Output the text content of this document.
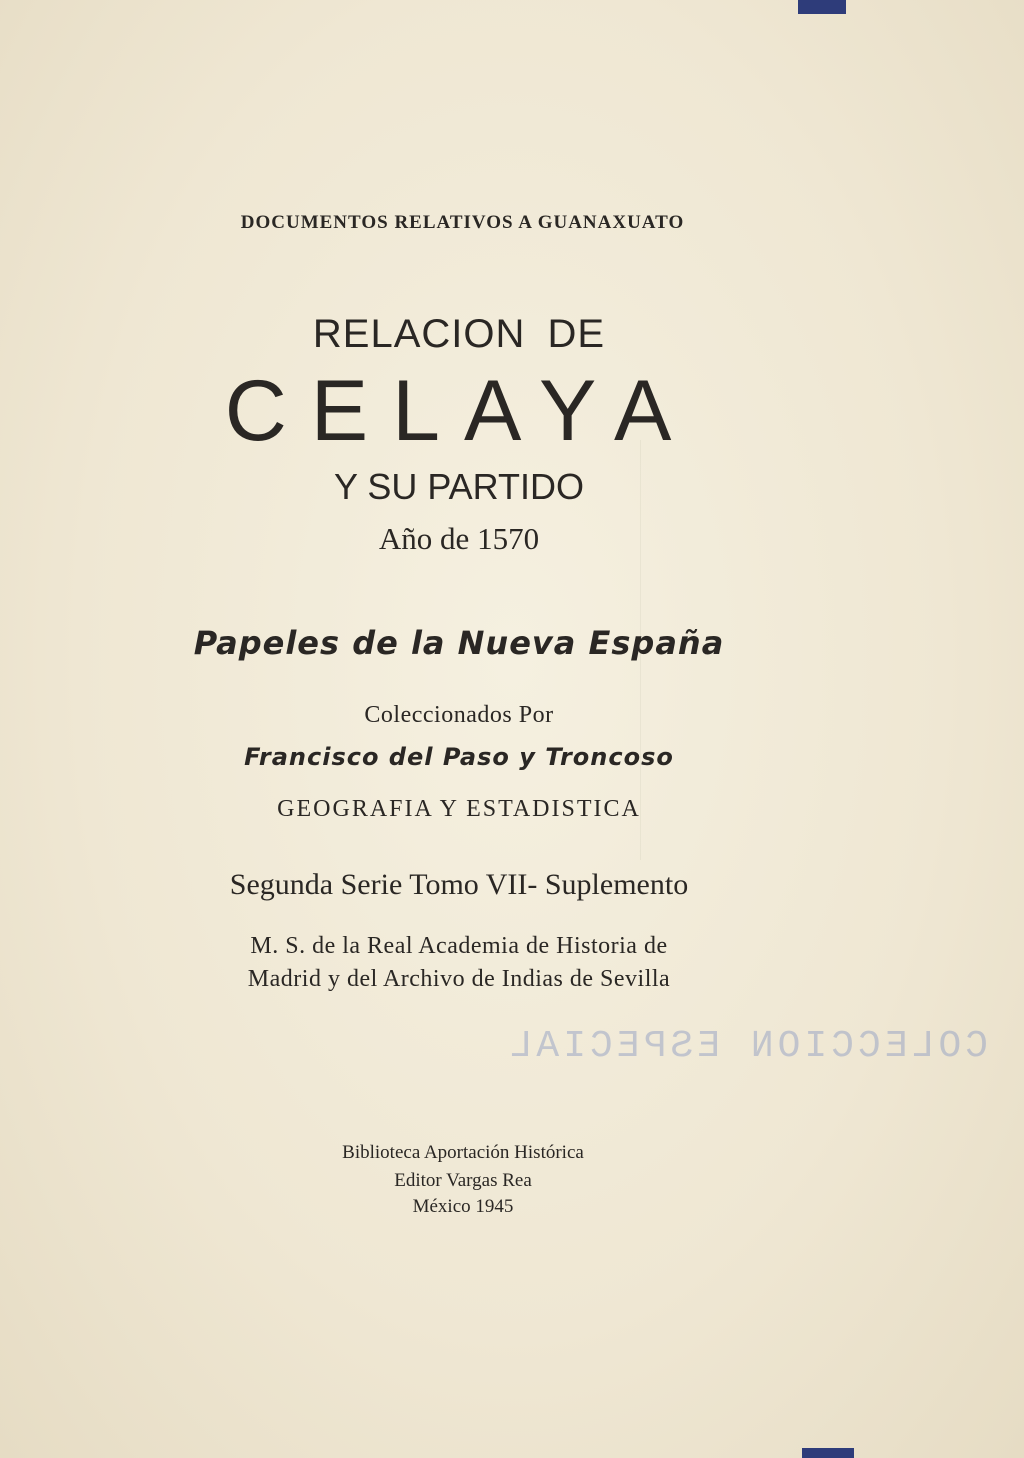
DOCUMENTOS RELATIVOS A GUANAXUATO
RELACION DE
CELAYA
Y SU PARTIDO
Año de 1570
Papeles de la Nueva España
Coleccionados Por
Francisco del Paso y Troncoso
GEOGRAFIA Y ESTADISTICA
Segunda Serie Tomo VII- Suplemento
M. S. de la Real Academia de Historia de
Madrid y del Archivo de Indias de Sevilla
Biblioteca Aportación Histórica
Editor Vargas Rea
México 1945
COLECCION ESPECIAL
